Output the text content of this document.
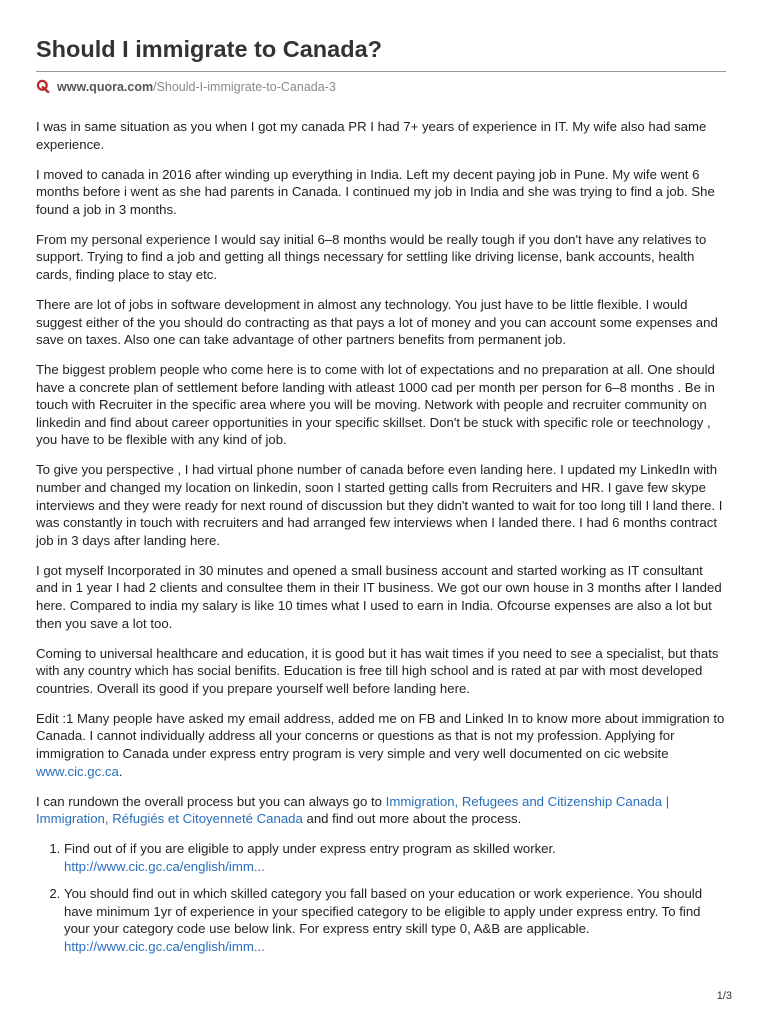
Should I immigrate to Canada?
www.quora.com /Should-I-immigrate-to-Canada-3

I was in same situation as you when I got my canada PR I had 7+ years of experience in IT. My wife also had same experience.

I moved to canada in 2016 after winding up everything in India. Left my decent paying job in Pune. My wife went 6 months before i went as she had parents in Canada. I continued my job in India and she was trying to find a job. She found a job in 3 months.

From my personal experience I would say initial 6–8 months would be really tough if you don't have any relatives to support. Trying to find a job and getting all things necessary for settling like driving license, bank accounts, health cards, finding place to stay etc.

There are lot of jobs in software development in almost any technology. You just have to be little flexible. I would suggest either of the you should do contracting as that pays a lot of money and you can account some expenses and save on taxes. Also one can take advantage of other partners benefits from permanent job.

The biggest problem people who come here is to come with lot of expectations and no preparation at all. One should have a concrete plan of settlement before landing with atleast 1000 cad per month per person for 6–8 months . Be in touch with Recruiter in the specific area where you will be moving. Network with people and recruiter community on linkedin and find about career opportunities in your specific skillset. Don't be stuck with specific role or teechnology , you have to be flexible with any kind of job.

To give you perspective , I had virtual phone number of canada before even landing here. I updated my LinkedIn with number and changed my location on linkedin, soon I started getting calls from Recruiters and HR. I gave few skype interviews and they were ready for next round of discussion but they didn't wanted to wait for too long till I land there. I was constantly in touch with recruiters and had arranged few interviews when I landed there. I had 6 months contract job in 3 days after landing here.

I got myself Incorporated in 30 minutes and opened a small business account and started working as IT consultant and in 1 year I had 2 clients and consultee them in their IT business. We got our own house in 3 months after I landed here. Compared to india my salary is like 10 times what I used to earn in India. Ofcourse expenses are also a lot but then you save a lot too.

Coming to universal healthcare and education, it is good but it has wait times if you need to see a specialist, but thats with any country which has social benifits. Education is free till high school and is rated at par with most developed countries. Overall its good if you prepare yourself well before landing here.

Edit :1 Many people have asked my email address, added me on FB and Linked In to know more about immigration to Canada. I cannot individually address all your concerns or questions as that is not my profession. Applying for immigration to Canada under express entry program is very simple and very well documented on cic website www.cic.gc.ca.

I can rundown the overall process but you can always go to Immigration, Refugees and Citizenship Canada | Immigration, Réfugiés et Citoyenneté Canada and find out more about the process.

1. Find out of if you are eligible to apply under express entry program as skilled worker.
http://www.cic.gc.ca/english/imm...
2. You should find out in which skilled category you fall based on your education or work experience. You should have minimum 1yr of experience in your specified category to be eligible to apply under express entry. To find your your category code use below link. For express entry skill type 0, A&B are applicable.
http://www.cic.gc.ca/english/imm...
1/3
